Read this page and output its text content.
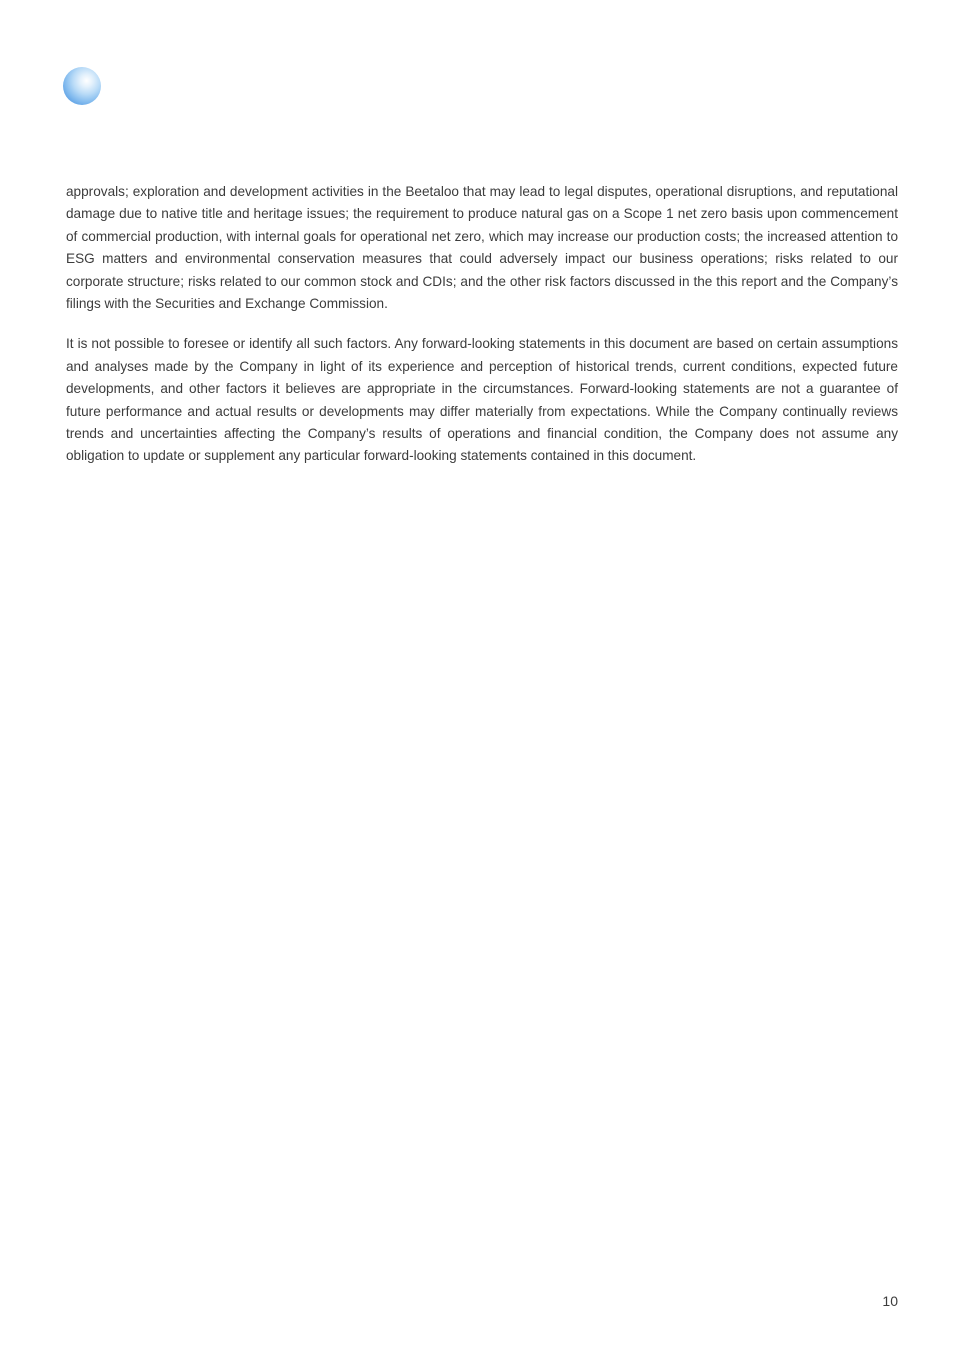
approvals; exploration and development activities in the Beetaloo that may lead to legal disputes, operational disruptions, and reputational damage due to native title and heritage issues; the requirement to produce natural gas on a Scope 1 net zero basis upon commencement of commercial production, with internal goals for operational net zero, which may increase our production costs; the increased attention to ESG matters and environmental conservation measures that could adversely impact our business operations; risks related to our corporate structure; risks related to our common stock and CDIs; and the other risk factors discussed in the this report and the Company’s filings with the Securities and Exchange Commission.

It is not possible to foresee or identify all such factors. Any forward-looking statements in this document are based on certain assumptions and analyses made by the Company in light of its experience and perception of historical trends, current conditions, expected future developments, and other factors it believes are appropriate in the circumstances. Forward-looking statements are not a guarantee of future performance and actual results or developments may differ materially from expectations. While the Company continually reviews trends and uncertainties affecting the Company’s results of operations and financial condition, the Company does not assume any obligation to update or supplement any particular forward-looking statements contained in this document.

10
